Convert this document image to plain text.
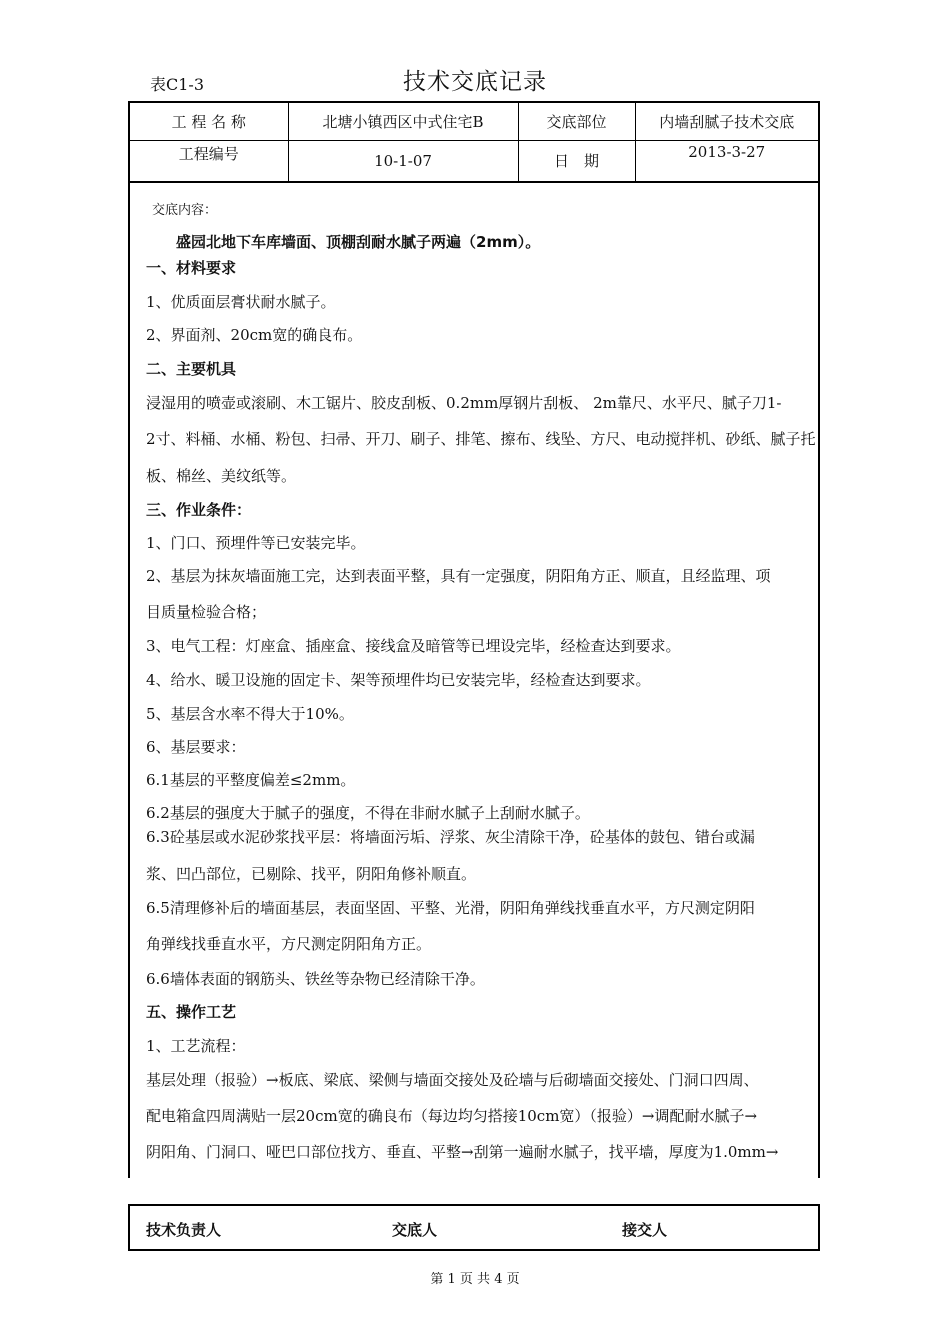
表C1-3	技术交底记录
工 程 名 称	北塘小镇西区中式住宅B	交底部位	内墙刮腻子技术交底
工程编号	10-1-07	日　期	2013-3-27
交底内容：
　　盛园北地下车库墙面、顶棚刮耐水腻子两遍（2mm）。
一、材料要求
1、优质面层膏状耐水腻子。
2、界面剂、20cm宽的确良布。
二、主要机具
浸湿用的喷壶或滚刷、木工锯片、胶皮刮板、0.2mm厚钢片刮板、 2m靠尺、水平尺、腻子刀1-
2寸、料桶、水桶、粉包、扫帚、开刀、刷子、排笔、擦布、线坠、方尺、电动搅拌机、砂纸、腻子托
板、棉丝、美纹纸等。
三、作业条件：
1、门口、预埋件等已安装完毕。
2、基层为抹灰墙面施工完，达到表面平整，具有一定强度，阴阳角方正、顺直，且经监理、项
目质量检验合格；
3、电气工程：灯座盒、插座盒、接线盒及暗管等已埋设完毕，经检查达到要求。
4、给水、暖卫设施的固定卡、架等预埋件均已安装完毕，经检查达到要求。
5、基层含水率不得大于10%。
6、基层要求：
6.1基层的平整度偏差≤2mm。
6.2基层的强度大于腻子的强度，不得在非耐水腻子上刮耐水腻子。
6.3砼基层或水泥砂浆找平层：将墙面污垢、浮浆、灰尘清除干净，砼基体的鼓包、错台或漏
浆、凹凸部位，已剔除、找平，阴阳角修补顺直。
6.5清理修补后的墙面基层，表面坚固、平整、光滑，阴阳角弹线找垂直水平，方尺测定阴阳
角弹线找垂直水平，方尺测定阴阳角方正。
6.6墙体表面的钢筋头、铁丝等杂物已经清除干净。
五、操作工艺
1、工艺流程：
基层处理（报验）→板底、梁底、梁侧与墙面交接处及砼墙与后砌墙面交接处、门洞口四周、
配电箱盒四周满贴一层20cm宽的确良布（每边均匀搭接10cm宽）（报验）→调配耐水腻子→
阴阳角、门洞口、哑巴口部位找方、垂直、平整→刮第一遍耐水腻子，找平墙，厚度为1.0mm→
技术负责人	交底人	接交人
第 1 页 共 4 页
